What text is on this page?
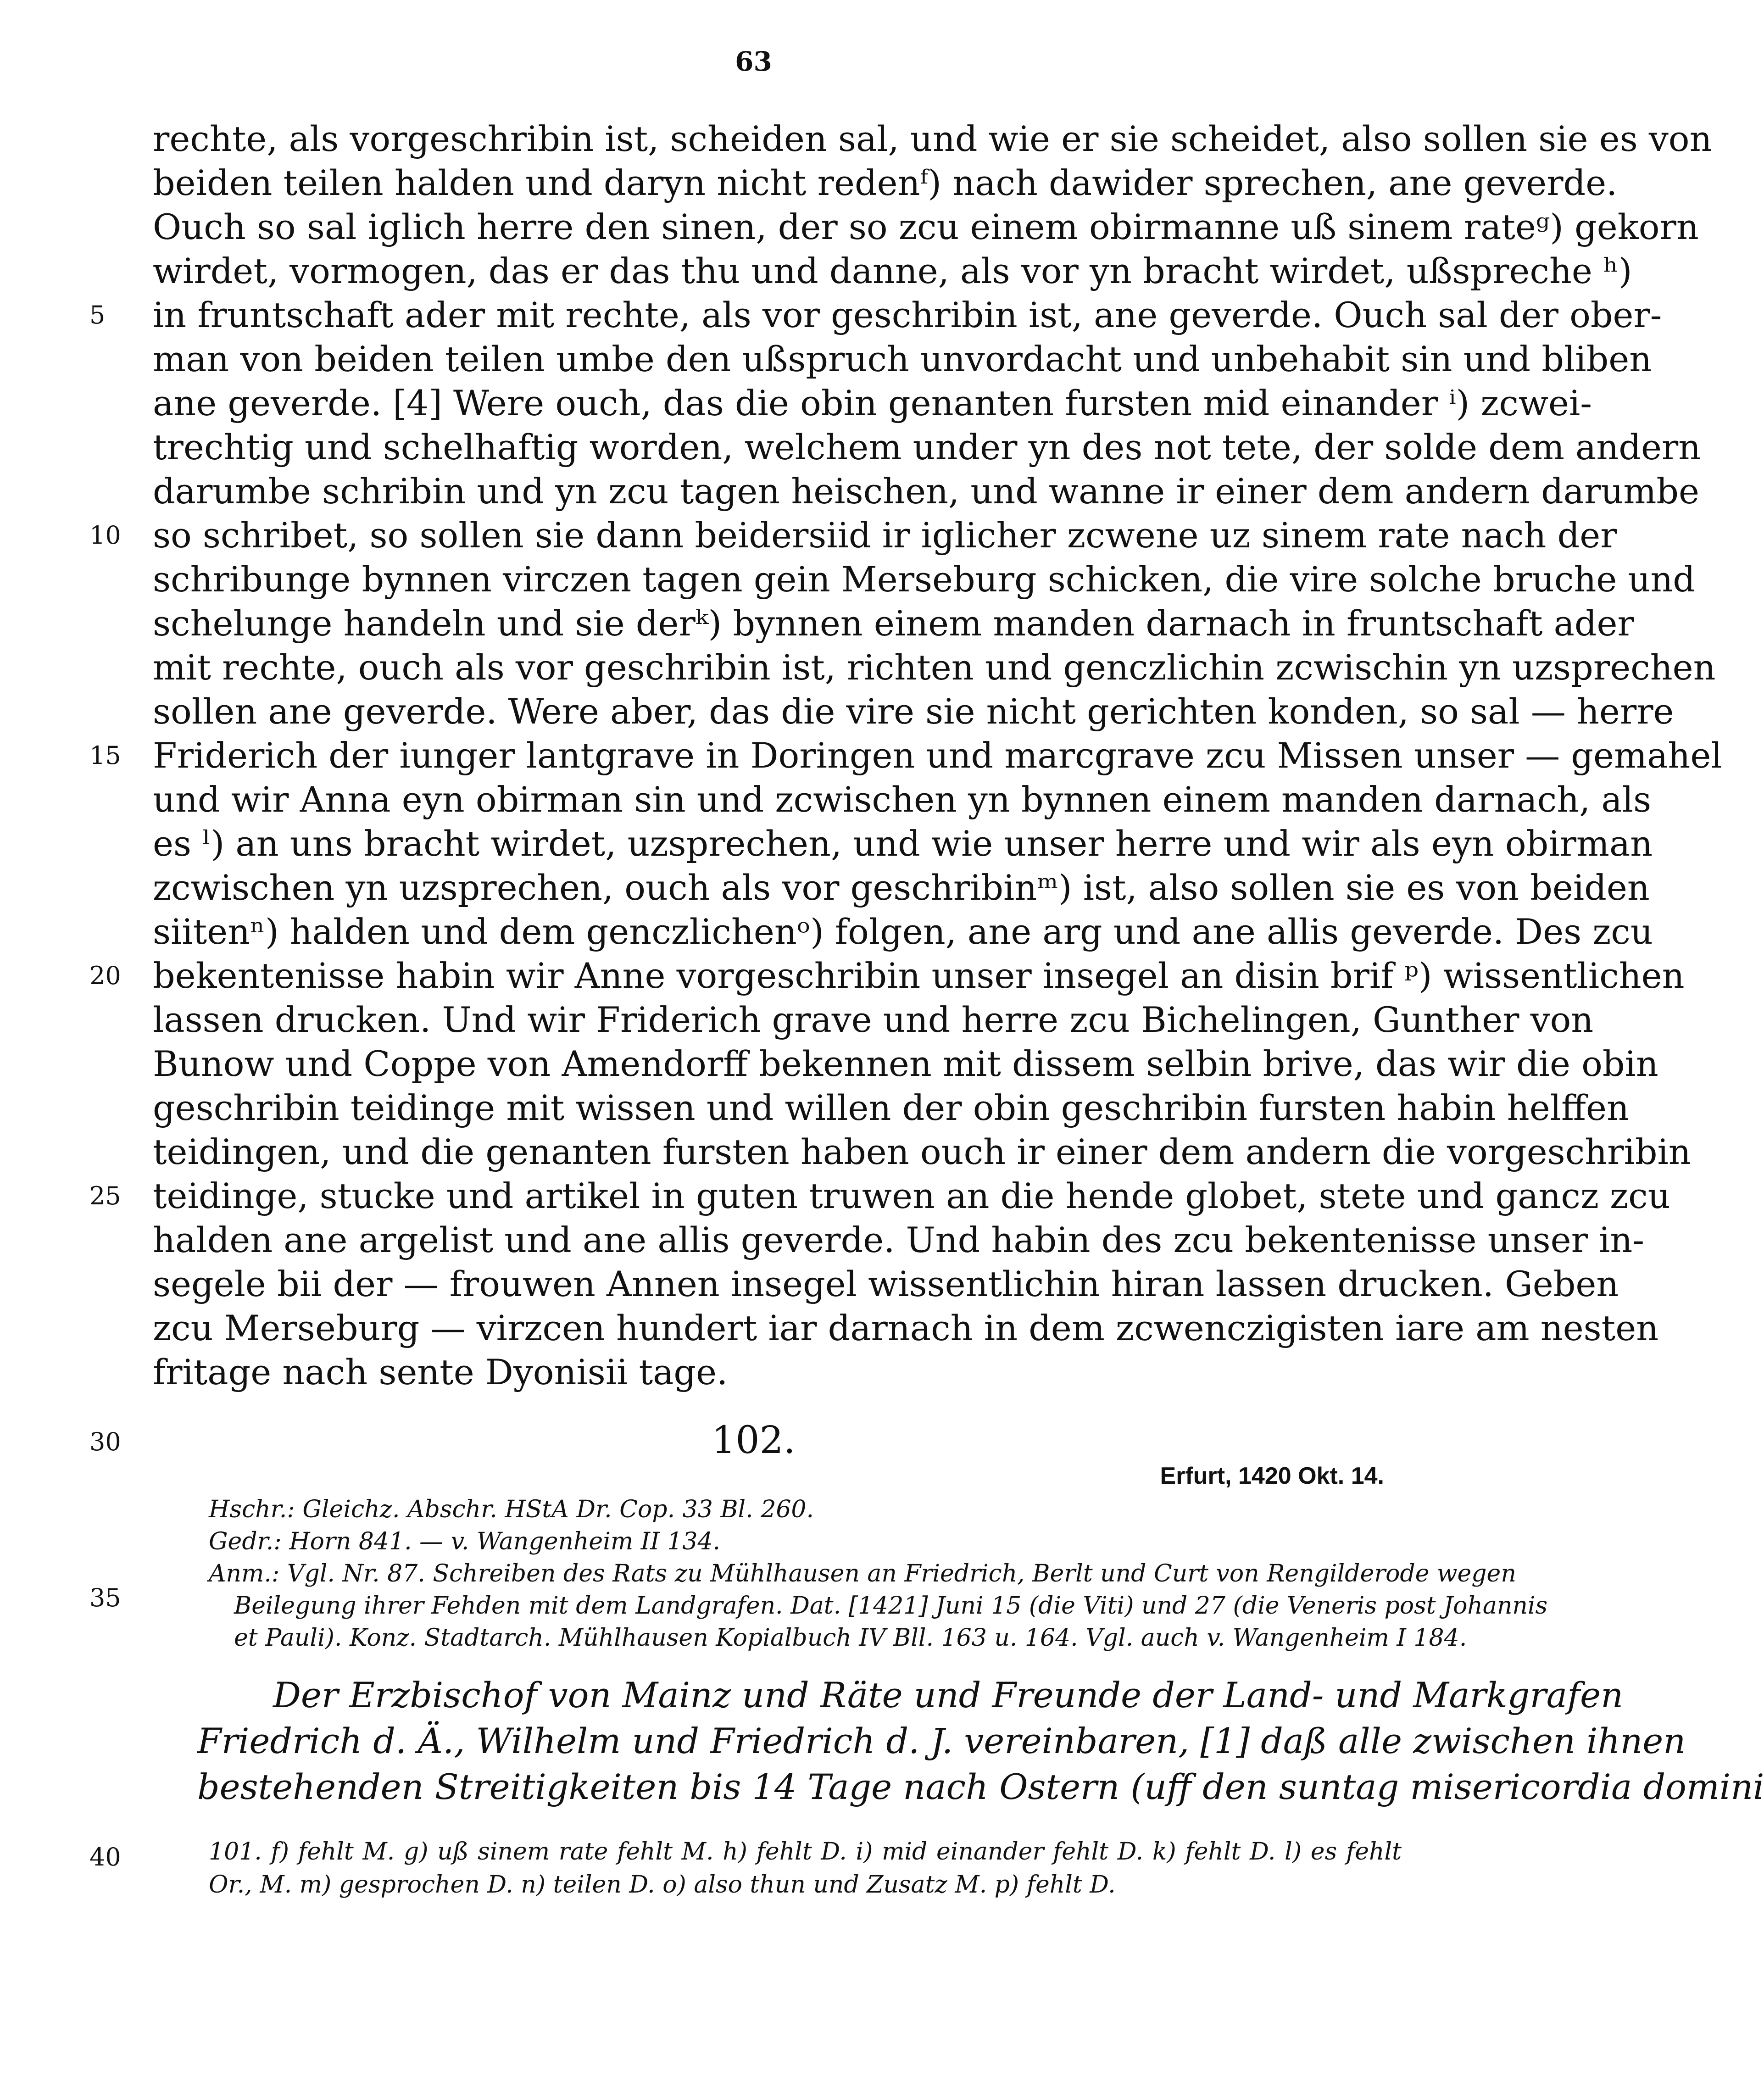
63
rechte, als vorgeschribin ist, scheiden sal, und wie er sie scheidet, also sollen sie es von
beiden teilen halden und daryn nicht redenᶠ) nach dawider sprechen, ane geverde.
Ouch so sal iglich herre den sinen, der so zcu einem obirmanne uß sinem rateᵍ) gekorn
wirdet, vormogen, das er das thu und danne, als vor yn bracht wirdet, ußspreche ʰ)
in fruntschaft ader mit rechte, als vor geschribin ist, ane geverde. Ouch sal der ober-
man von beiden teilen umbe den ußspruch unvordacht und unbehabit sin und bliben
ane geverde. [4] Were ouch, das die obin genanten fursten mid einander ⁱ) zcwei-
trechtig und schelhaftig worden, welchem under yn des not tete, der solde dem andern
darumbe schribin und yn zcu tagen heischen, und wanne ir einer dem andern darumbe
so schribet, so sollen sie dann beidersiid ir iglicher zcwene uz sinem rate nach der
schribunge bynnen virczen tagen gein Merseburg schicken, die vire solche bruche und
schelunge handeln und sie derᵏ) bynnen einem manden darnach in fruntschaft ader
mit rechte, ouch als vor geschribin ist, richten und genczlichin zcwischin yn uzsprechen
sollen ane geverde. Were aber, das die vire sie nicht gerichten konden, so sal — herre
Friderich der iunger lantgrave in Doringen und marcgrave zcu Missen unser — gemahel
und wir Anna eyn obirman sin und zcwischen yn bynnen einem manden darnach, als
es ˡ) an uns bracht wirdet, uzsprechen, und wie unser herre und wir als eyn obirman
zcwischen yn uzsprechen, ouch als vor geschribinᵐ) ist, also sollen sie es von beiden
siitenⁿ) halden und dem genczlichenᵒ) folgen, ane arg und ane allis geverde. Des zcu
bekentenisse habin wir Anne vorgeschribin unser insegel an disin brif ᵖ) wissentlichen
lassen drucken. Und wir Friderich grave und herre zcu Bichelingen, Gunther von
Bunow und Coppe von Amendorff bekennen mit dissem selbin brive, das wir die obin
geschribin teidinge mit wissen und willen der obin geschribin fursten habin helffen
teidingen, und die genanten fursten haben ouch ir einer dem andern die vorgeschribin
teidinge, stucke und artikel in guten truwen an die hende globet, stete und gancz zcu
halden ane argelist und ane allis geverde. Und habin des zcu bekentenisse unser in-
segele bii der — frouwen Annen insegel wissentlichin hiran lassen drucken. Geben
zcu Merseburg — virzcen hundert iar darnach in dem zcwenczigisten iare am nesten
fritage nach sente Dyonisii tage.
5
10
15
20
25
30
35
40
102.
Erfurt, 1420 Okt. 14.
Hschr.: Gleichz. Abschr. HStA Dr. Cop. 33 Bl. 260.
Gedr.: Horn 841. — v. Wangenheim II 134.
Anm.: Vgl. Nr. 87. Schreiben des Rats zu Mühlhausen an Friedrich, Berlt und Curt von Rengilderode wegen
Beilegung ihrer Fehden mit dem Landgrafen. Dat. [1421] Juni 15 (die Viti) und 27 (die Veneris post Johannis
et Pauli). Konz. Stadtarch. Mühlhausen Kopialbuch IV Bll. 163 u. 164. Vgl. auch v. Wangenheim I 184.
Der Erzbischof von Mainz und Räte und Freunde der Land- und Markgrafen
Friedrich d. Ä., Wilhelm und Friedrich d. J. vereinbaren, [1] daß alle zwischen ihnen
bestehenden Streitigkeiten bis 14 Tage nach Ostern (uff den suntag misericordia domini
101. f) fehlt M. g) uß sinem rate fehlt M. h) fehlt D. i) mid einander fehlt D. k) fehlt D. l) es fehlt
Or., M. m) gesprochen D. n) teilen D. o) also thun und Zusatz M. p) fehlt D.
